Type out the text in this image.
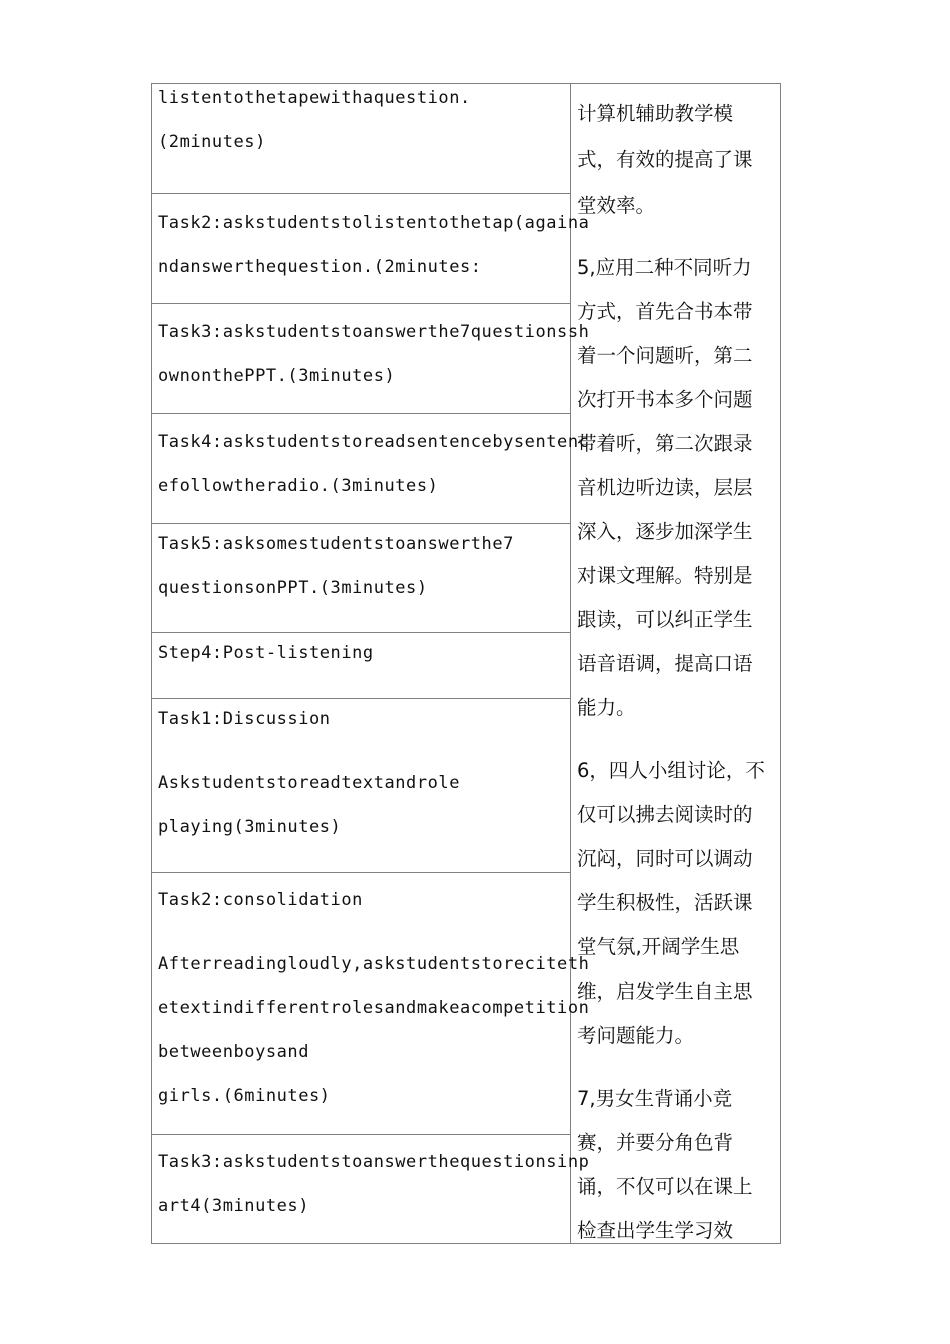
listentothetapewithaquestion.
(2minutes)
Task2:askstudentstolistentothetap(againa
ndanswerthequestion.(2minutes:
Task3:askstudentstoanswerthe7questionssh
ownonthePPT.(3minutes)
Task4:askstudentstoreadsentencebysentenc
efollowtheradio.(3minutes)
Task5:asksomestudentstoanswerthe7
questionsonPPT.(3minutes)
Step4:Post-listening
Task1:Discussion
Askstudentstoreadtextandrole
playing(3minutes)
Task2:consolidation
Afterreadingloudly,askstudentstoreciteth
etextindifferentrolesandmakeacompetition
betweenboysand
girls.(6minutes)
Task3:askstudentstoanswerthequestionsinp
art4(3minutes)
计算机辅助教学模
式，有效的提高了课
堂效率。
5,应用二种不同听力
方式，首先合书本带
着一个问题听，第二
次打开书本多个问题
带着听，第二次跟录
音机边听边读，层层
深入，逐步加深学生
对课文理解。特别是
跟读，可以纠正学生
语音语调，提高口语
能力。
6，四人小组讨论，不
仅可以拂去阅读时的
沉闷，同时可以调动
学生积极性，活跃课
堂气氛,开阔学生思
维，启发学生自主思
考问题能力。
7,男女生背诵小竞
赛，并要分角色背
诵，不仅可以在课上
检查出学生学习效
